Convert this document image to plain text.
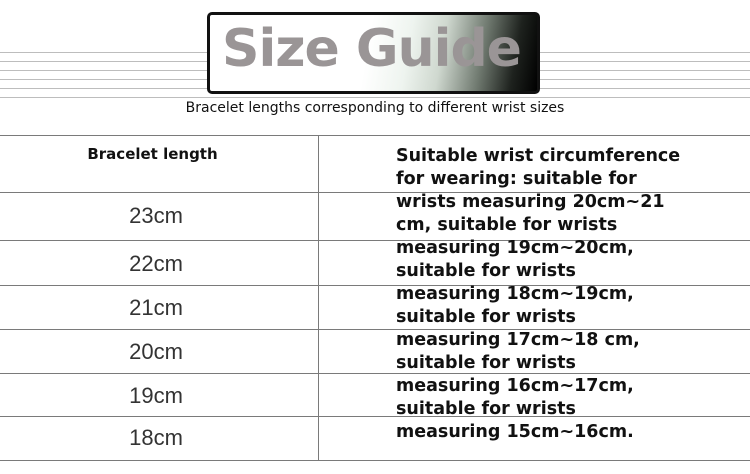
Size Guide
Bracelet lengths corresponding to different wrist sizes
Bracelet length
23cm
22cm
21cm
20cm
19cm
18cm
Suitable wrist circumference for wearing: suitable for wrists measuring 20cm~21 cm, suitable for wrists measuring 19cm~20cm, suitable for wrists measuring 18cm~19cm, suitable for wrists measuring 17cm~18 cm, suitable for wrists measuring 16cm~17cm, suitable for wrists measuring 15cm~16cm.
